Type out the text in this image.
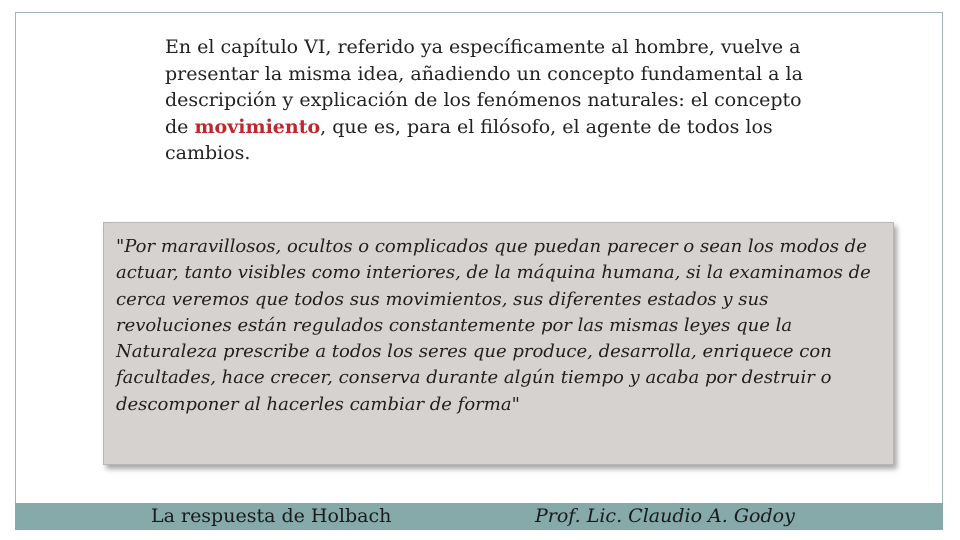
En el capítulo VI, referido ya específicamente al hombre, vuelve a presentar la misma idea, añadiendo un concepto fundamental a la descripción y explicación de los fenómenos naturales: el concepto de movimiento, que es, para el filósofo, el agente de todos los cambios.

"Por maravillosos, ocultos o complicados que puedan parecer o sean los modos de actuar, tanto visibles como interiores, de la máquina humana, si la examinamos de cerca veremos que todos sus movimientos, sus diferentes estados y sus revoluciones están regulados constantemente por las mismas leyes que la Naturaleza prescribe a todos los seres que produce, desarrolla, enriquece con facultades, hace crecer, conserva durante algún tiempo y acaba por destruir o descomponer al hacerles cambiar de forma"

La respuesta de Holbach	Prof. Lic. Claudio A. Godoy
